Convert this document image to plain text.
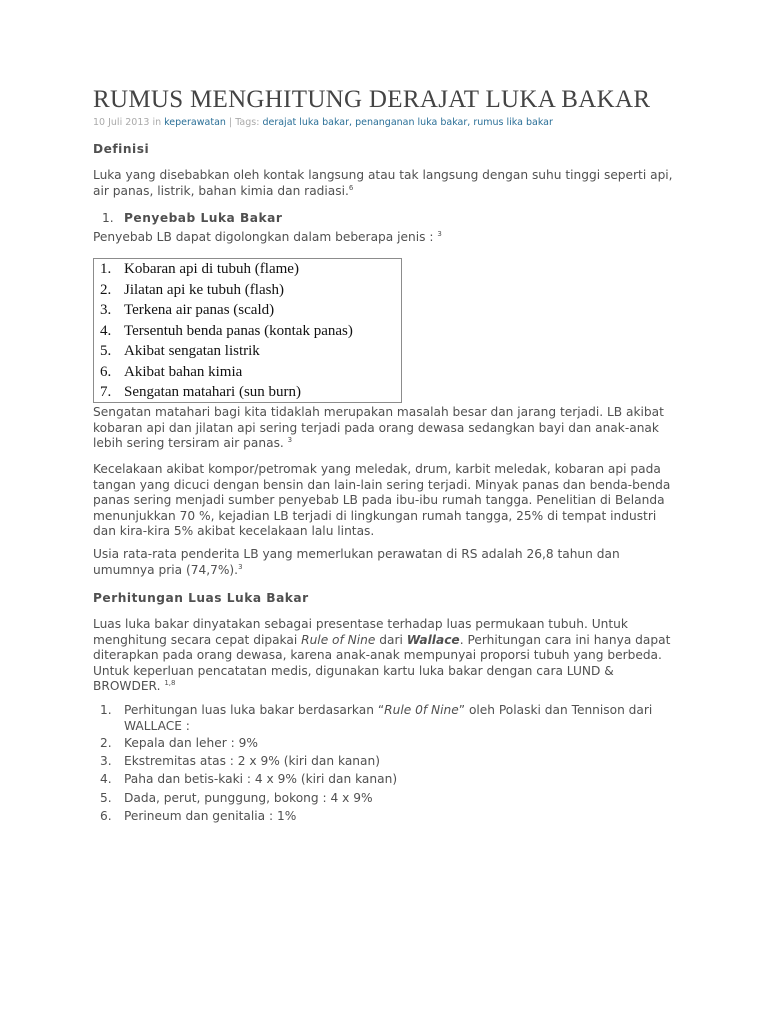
RUMUS MENGHITUNG DERAJAT LUKA BAKAR
10 Juli 2013 in keperawatan | Tags: derajat luka bakar, penanganan luka bakar, rumus lika bakar
Definisi
Luka yang disebabkan oleh kontak langsung atau tak langsung dengan suhu tinggi seperti api, air panas, listrik, bahan kimia dan radiasi.$^6$
1. Penyebab Luka Bakar
Penyebab LB dapat digolongkan dalam beberapa jenis : $^3$
1. Kobaran api di tubuh (flame)
2. Jilatan api ke tubuh (flash)
3. Terkena air panas (scald)
4. Tersentuh benda panas (kontak panas)
5. Akibat sengatan listrik
6. Akibat bahan kimia
7. Sengatan matahari (sun burn)
Sengatan matahari bagi kita tidaklah merupakan masalah besar dan jarang terjadi. LB akibat kobaran api dan jilatan api sering terjadi pada orang dewasa sedangkan bayi dan anak-anak lebih sering tersiram air panas. $^3$
Kecelakaan akibat kompor/petromak yang meledak, drum, karbit meledak, kobaran api pada tangan yang dicuci dengan bensin dan lain-lain sering terjadi. Minyak panas dan benda-benda panas sering menjadi sumber penyebab LB pada ibu-ibu rumah tangga. Penelitian di Belanda menunjukkan 70 %, kejadian LB terjadi di lingkungan rumah tangga, 25% di tempat industri dan kira-kira 5% akibat kecelakaan lalu lintas.
Usia rata-rata penderita LB yang memerlukan perawatan di RS adalah 26,8 tahun dan umumnya pria (74,7%).$^3$
Perhitungan Luas Luka Bakar
Luas luka bakar dinyatakan sebagai presentase terhadap luas permukaan tubuh. Untuk menghitung secara cepat dipakai Rule of Nine dari Wallace. Perhitungan cara ini hanya dapat diterapkan pada orang dewasa, karena anak-anak mempunyai proporsi tubuh yang berbeda. Untuk keperluan pencatatan medis, digunakan kartu luka bakar dengan cara LUND & BROWDER. $^{1,8}$
1. Perhitungan luas luka bakar berdasarkan “Rule 0f Nine” oleh Polaski dan Tennison dari WALLACE :
2. Kepala dan leher : 9%
3. Ekstremitas atas : 2 x 9% (kiri dan kanan)
4. Paha dan betis-kaki : 4 x 9% (kiri dan kanan)
5. Dada, perut, punggung, bokong : 4 x 9%
6. Perineum dan genitalia : 1%
